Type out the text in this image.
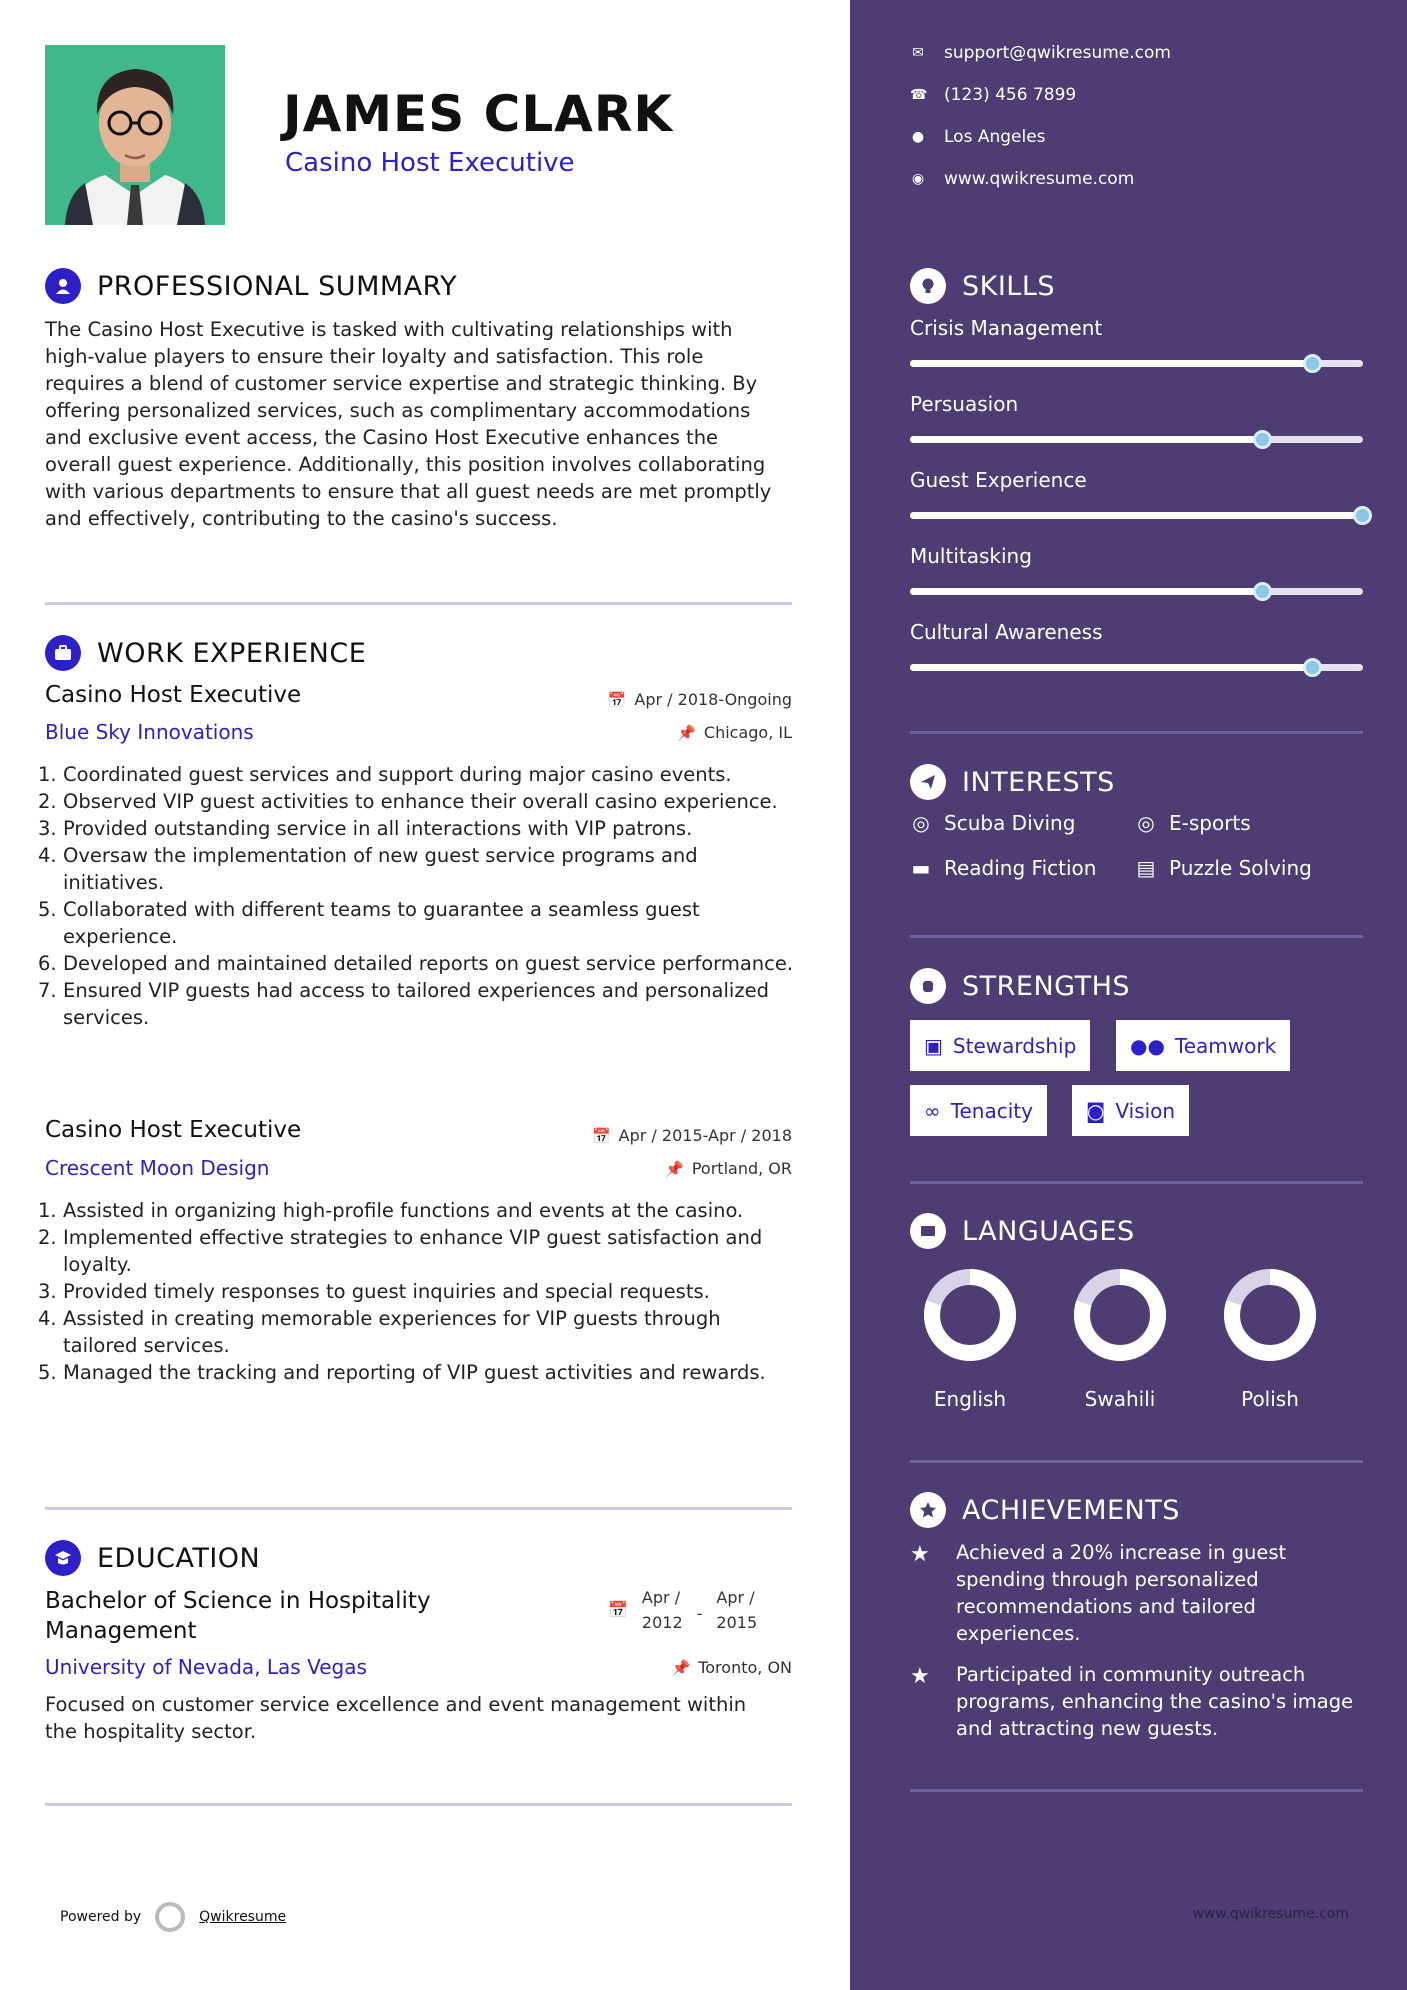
JAMES CLARK
Casino Host Executive
PROFESSIONAL SUMMARY
The Casino Host Executive is tasked with cultivating relationships with high-value players to ensure their loyalty and satisfaction. This role requires a blend of customer service expertise and strategic thinking. By offering personalized services, such as complimentary accommodations and exclusive event access, the Casino Host Executive enhances the overall guest experience. Additionally, this position involves collaborating with various departments to ensure that all guest needs are met promptly and effectively, contributing to the casino's success.
WORK EXPERIENCE
Casino Host Executive	📅 Apr / 2018-Ongoing
Blue Sky Innovations	📌 Chicago, IL
1. Coordinated guest services and support during major casino events.
2. Observed VIP guest activities to enhance their overall casino experience.
3. Provided outstanding service in all interactions with VIP patrons.
4. Oversaw the implementation of new guest service programs and initiatives.
5. Collaborated with different teams to guarantee a seamless guest experience.
6. Developed and maintained detailed reports on guest service performance.
7. Ensured VIP guests had access to tailored experiences and personalized services.
Casino Host Executive	📅 Apr / 2015-Apr / 2018
Crescent Moon Design	📌 Portland, OR
1. Assisted in organizing high-profile functions and events at the casino.
2. Implemented effective strategies to enhance VIP guest satisfaction and loyalty.
3. Provided timely responses to guest inquiries and special requests.
4. Assisted in creating memorable experiences for VIP guests through tailored services.
5. Managed the tracking and reporting of VIP guest activities and rewards.
EDUCATION
Bachelor of Science in Hospitality Management
📅
Apr /
2012 -
Apr /
2015
University of Nevada, Las Vegas	📌 Toronto, ON
Focused on customer service excellence and event management within the hospitality sector.
Powered by	Qwikresume
✉ support@qwikresume.com
☎ (123) 456 7899
● Los Angeles
◉ www.qwikresume.com
SKILLS
Crisis Management
Persuasion
Guest Experience
Multitasking
Cultural Awareness
INTERESTS
◎ Scuba Diving	◎ E-sports
▬ Reading Fiction ▤ Puzzle Solving
STRENGTHS
▣ Stewardship	●● Teamwork
∞ Tenacity	◙ Vision
LANGUAGES
English	Swahili	Polish
ACHIEVEMENTS
★	Achieved a 20% increase in guest spending through personalized recommendations and tailored experiences.
★	Participated in community outreach programs, enhancing the casino's image and attracting new guests.
www.qwikresume.com
